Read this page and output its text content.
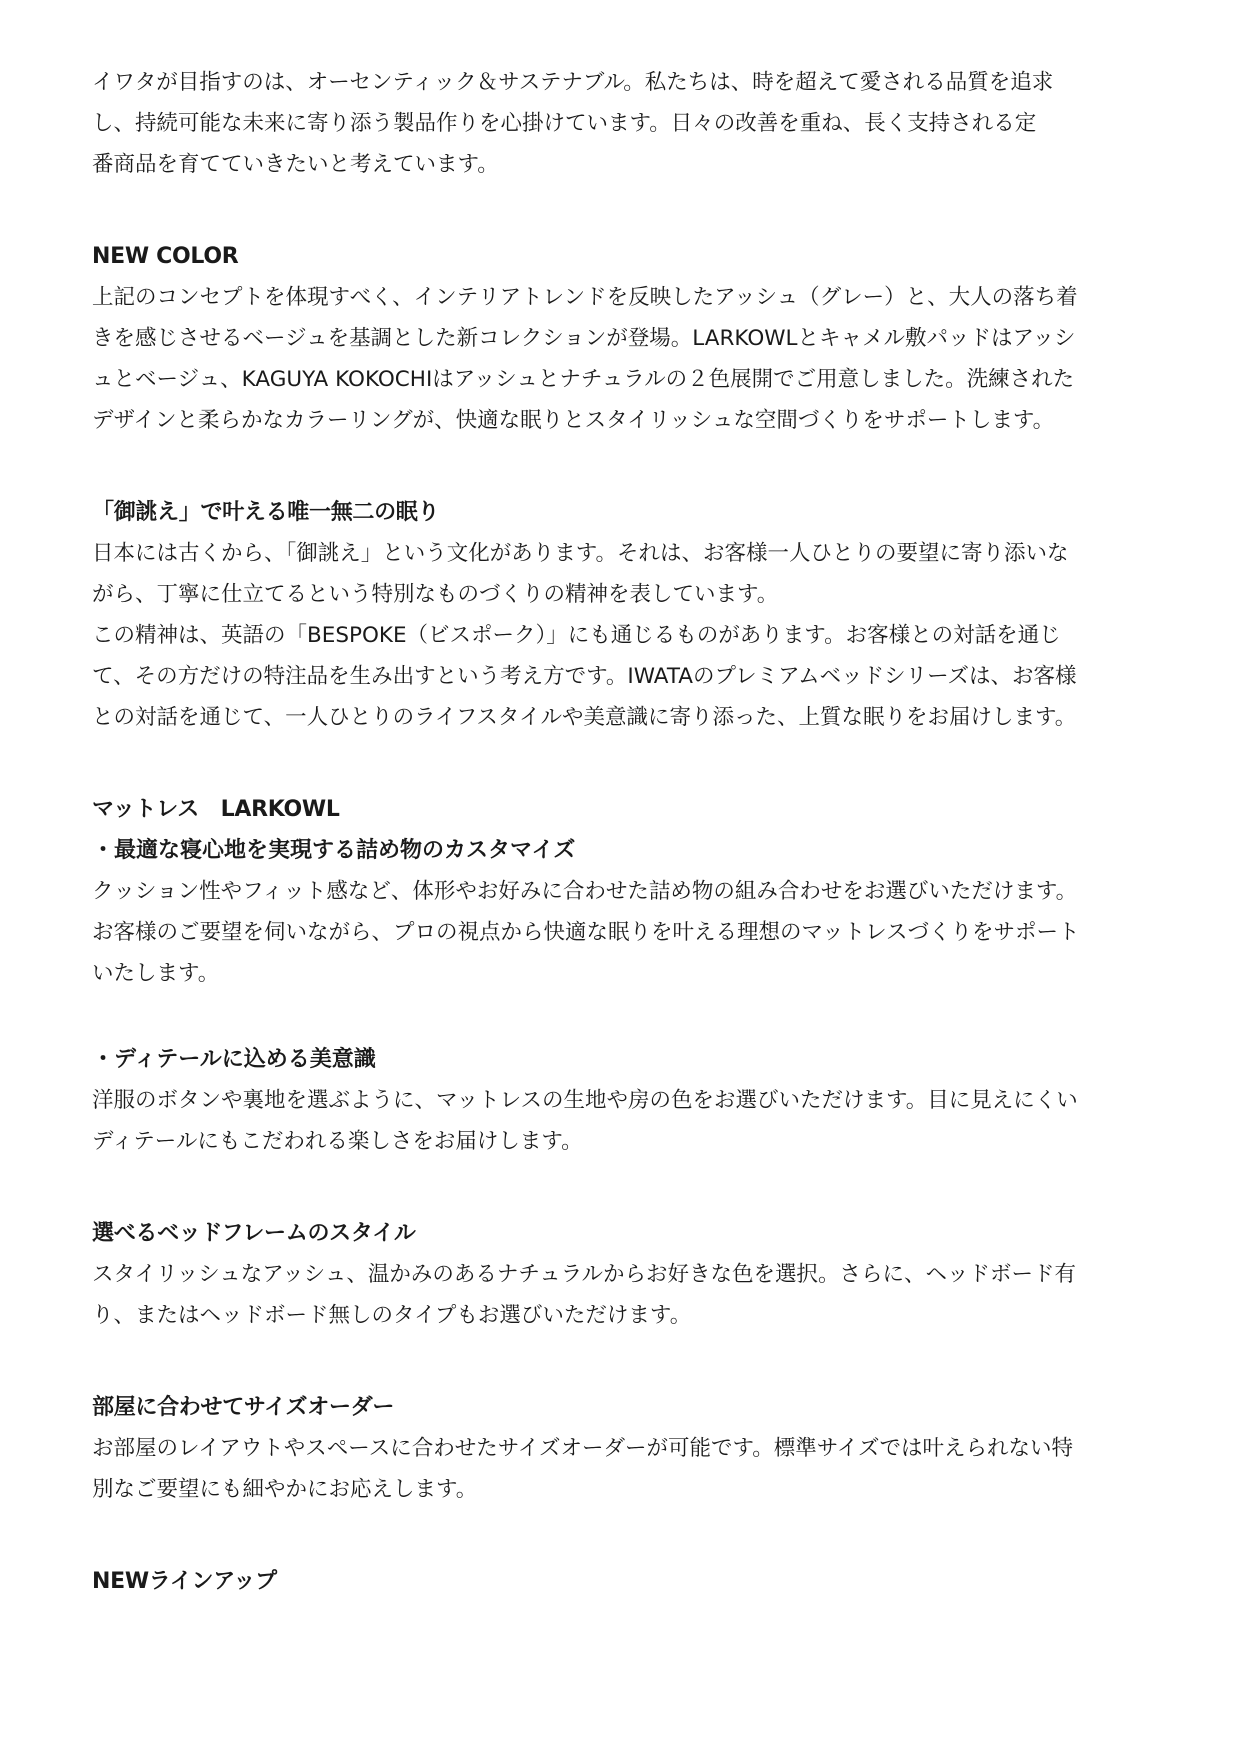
イワタが目指すのは、オーセンティック＆サステナブル。私たちは、時を超えて愛される品質を追求
し、持続可能な未来に寄り添う製品作りを心掛けています。日々の改善を重ね、長く支持される定
番商品を育てていきたいと考えています。

NEW COLOR

上記のコンセプトを体現すべく、インテリアトレンドを反映したアッシュ（グレー）と、大人の落ち着
きを感じさせるベージュを基調とした新コレクションが登場。LARKOWLとキャメル敷パッドはアッシ
ュとベージュ、KAGUYA KOKOCHIはアッシュとナチュラルの２色展開でご用意しました。洗練された
デザインと柔らかなカラーリングが、快適な眠りとスタイリッシュな空間づくりをサポートします。

「御誂え」で叶える唯一無二の眠り

日本には古くから、「御誂え」という文化があります。それは、お客様一人ひとりの要望に寄り添いな
がら、丁寧に仕立てるという特別なものづくりの精神を表しています。
この精神は、英語の「BESPOKE（ビスポーク）」にも通じるものがあります。お客様との対話を通じ
て、その方だけの特注品を生み出すという考え方です。IWATAのプレミアムベッドシリーズは、お客様
との対話を通じて、一人ひとりのライフスタイルや美意識に寄り添った、上質な眠りをお届けします。

マットレス　LARKOWL
・最適な寝心地を実現する詰め物のカスタマイズ

クッション性やフィット感など、体形やお好みに合わせた詰め物の組み合わせをお選びいただけます。
お客様のご要望を伺いながら、プロの視点から快適な眠りを叶える理想のマットレスづくりをサポート
いたします。

・ディテールに込める美意識

洋服のボタンや裏地を選ぶように、マットレスの生地や房の色をお選びいただけます。目に見えにくい
ディテールにもこだわれる楽しさをお届けします。

選べるベッドフレームのスタイル

スタイリッシュなアッシュ、温かみのあるナチュラルからお好きな色を選択。さらに、ヘッドボード有
り、またはヘッドボード無しのタイプもお選びいただけます。

部屋に合わせてサイズオーダー

お部屋のレイアウトやスペースに合わせたサイズオーダーが可能です。標準サイズでは叶えられない特
別なご要望にも細やかにお応えします。

NEWラインアップ
